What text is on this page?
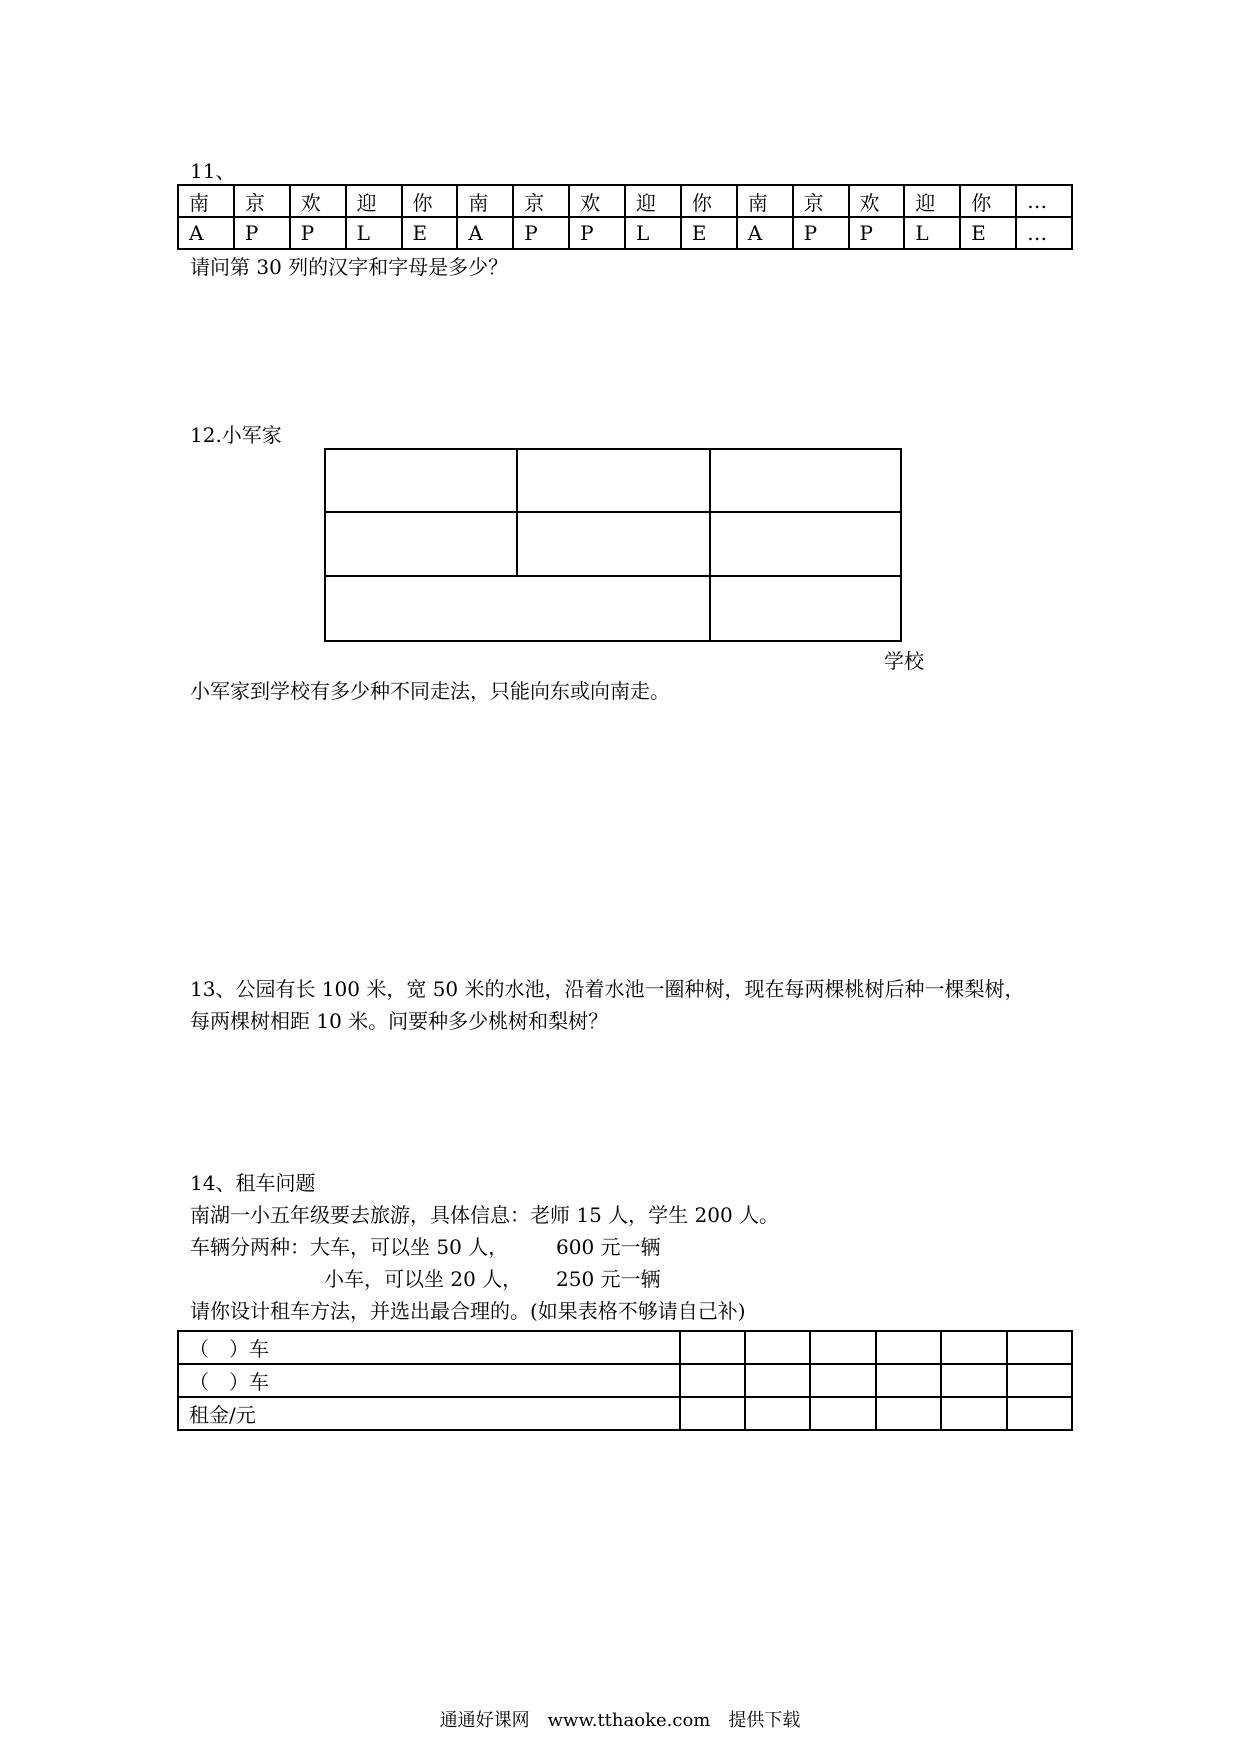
11、
南	京	欢	迎	你	南	京	欢	迎	你	南	京	欢	迎	你	…
A	P	P	L	E	A	P	P	L	E	A	P	P	L	E	…
请问第 30 列的汉字和字母是多少？
12.小军家
学校
小军家到学校有多少种不同走法，只能向东或向南走。
13、公园有长 100 米，宽 50 米的水池，沿着水池一圈种树，现在每两棵桃树后种一棵梨树，
每两棵树相距 10 米。问要种多少桃树和梨树？
14、租车问题
南湖一小五年级要去旅游，具体信息：老师 15 人，学生 200 人。
车辆分两种：大车，可以坐 50 人， 600 元一辆
小车，可以坐 20 人， 250 元一辆
请你设计租车方法，并选出最合理的。(如果表格不够请自己补)
（　）车						
（　）车						
租金/元						
通通好课网　www.tthaoke.com　提供下载
